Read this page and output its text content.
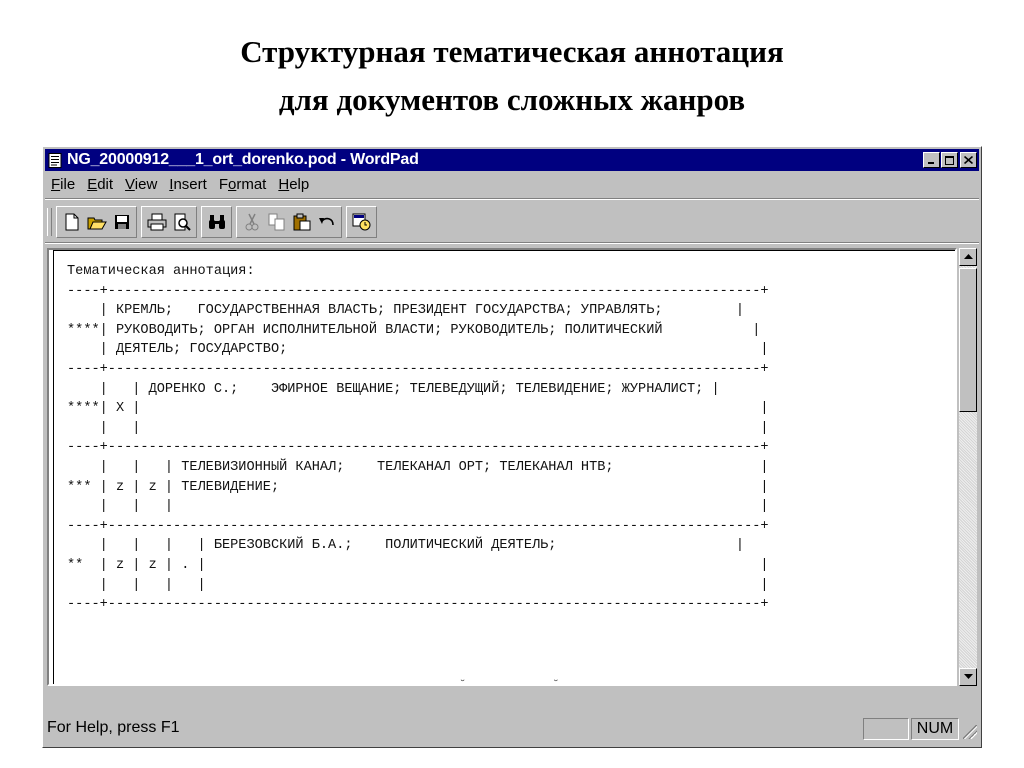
Структурная тематическая аннотация
для документов сложных жанров
NG_20000912___1_ort_dorenko.pod - WordPad
File Edit View Insert Format Help
Тематическая аннотация:
----+--------------------------------------------------------------------------------+
| КРЕМЛЬ;   ГОСУДАРСТВЕННАЯ ВЛАСТЬ; ПРЕЗИДЕНТ ГОСУДАРСТВА; УПРАВЛЯТЬ;         |
****| РУКОВОДИТЬ; ОРГАН ИСПОЛНИТЕЛЬНОЙ ВЛАСТИ; РУКОВОДИТЕЛЬ; ПОЛИТИЧЕСКИЙ           |
| ДЕЯТЕЛЬ; ГОСУДАРСТВО;                                                          |
----+--------------------------------------------------------------------------------+
|   | ДОРЕНКО С.;    ЭФИРНОЕ ВЕЩАНИЕ; ТЕЛЕВЕДУЩИЙ; ТЕЛЕВИДЕНИЕ; ЖУРНАЛИСТ; |
****| X |                                                                            |
|   |                                                                            |
----+--------------------------------------------------------------------------------+
|   |   | ТЕЛЕВИЗИОННЫЙ КАНАЛ;    ТЕЛЕКАНАЛ ОРТ; ТЕЛЕКАНАЛ НТВ;                  |
*** | z | z | ТЕЛЕВИДЕНИЕ;                                                           |
|   |   |                                                                        |
----+--------------------------------------------------------------------------------+
|   |   |   | БЕРЕЗОВСКИЙ Б.А.;    ПОЛИТИЧЕСКИЙ ДЕЯТЕЛЬ;                      |
**  | z | z | . |                                                                    |
|   |   |   |                                                                    |
----+--------------------------------------------------------------------------------+

˘˘
For Help, press F1	NUM
